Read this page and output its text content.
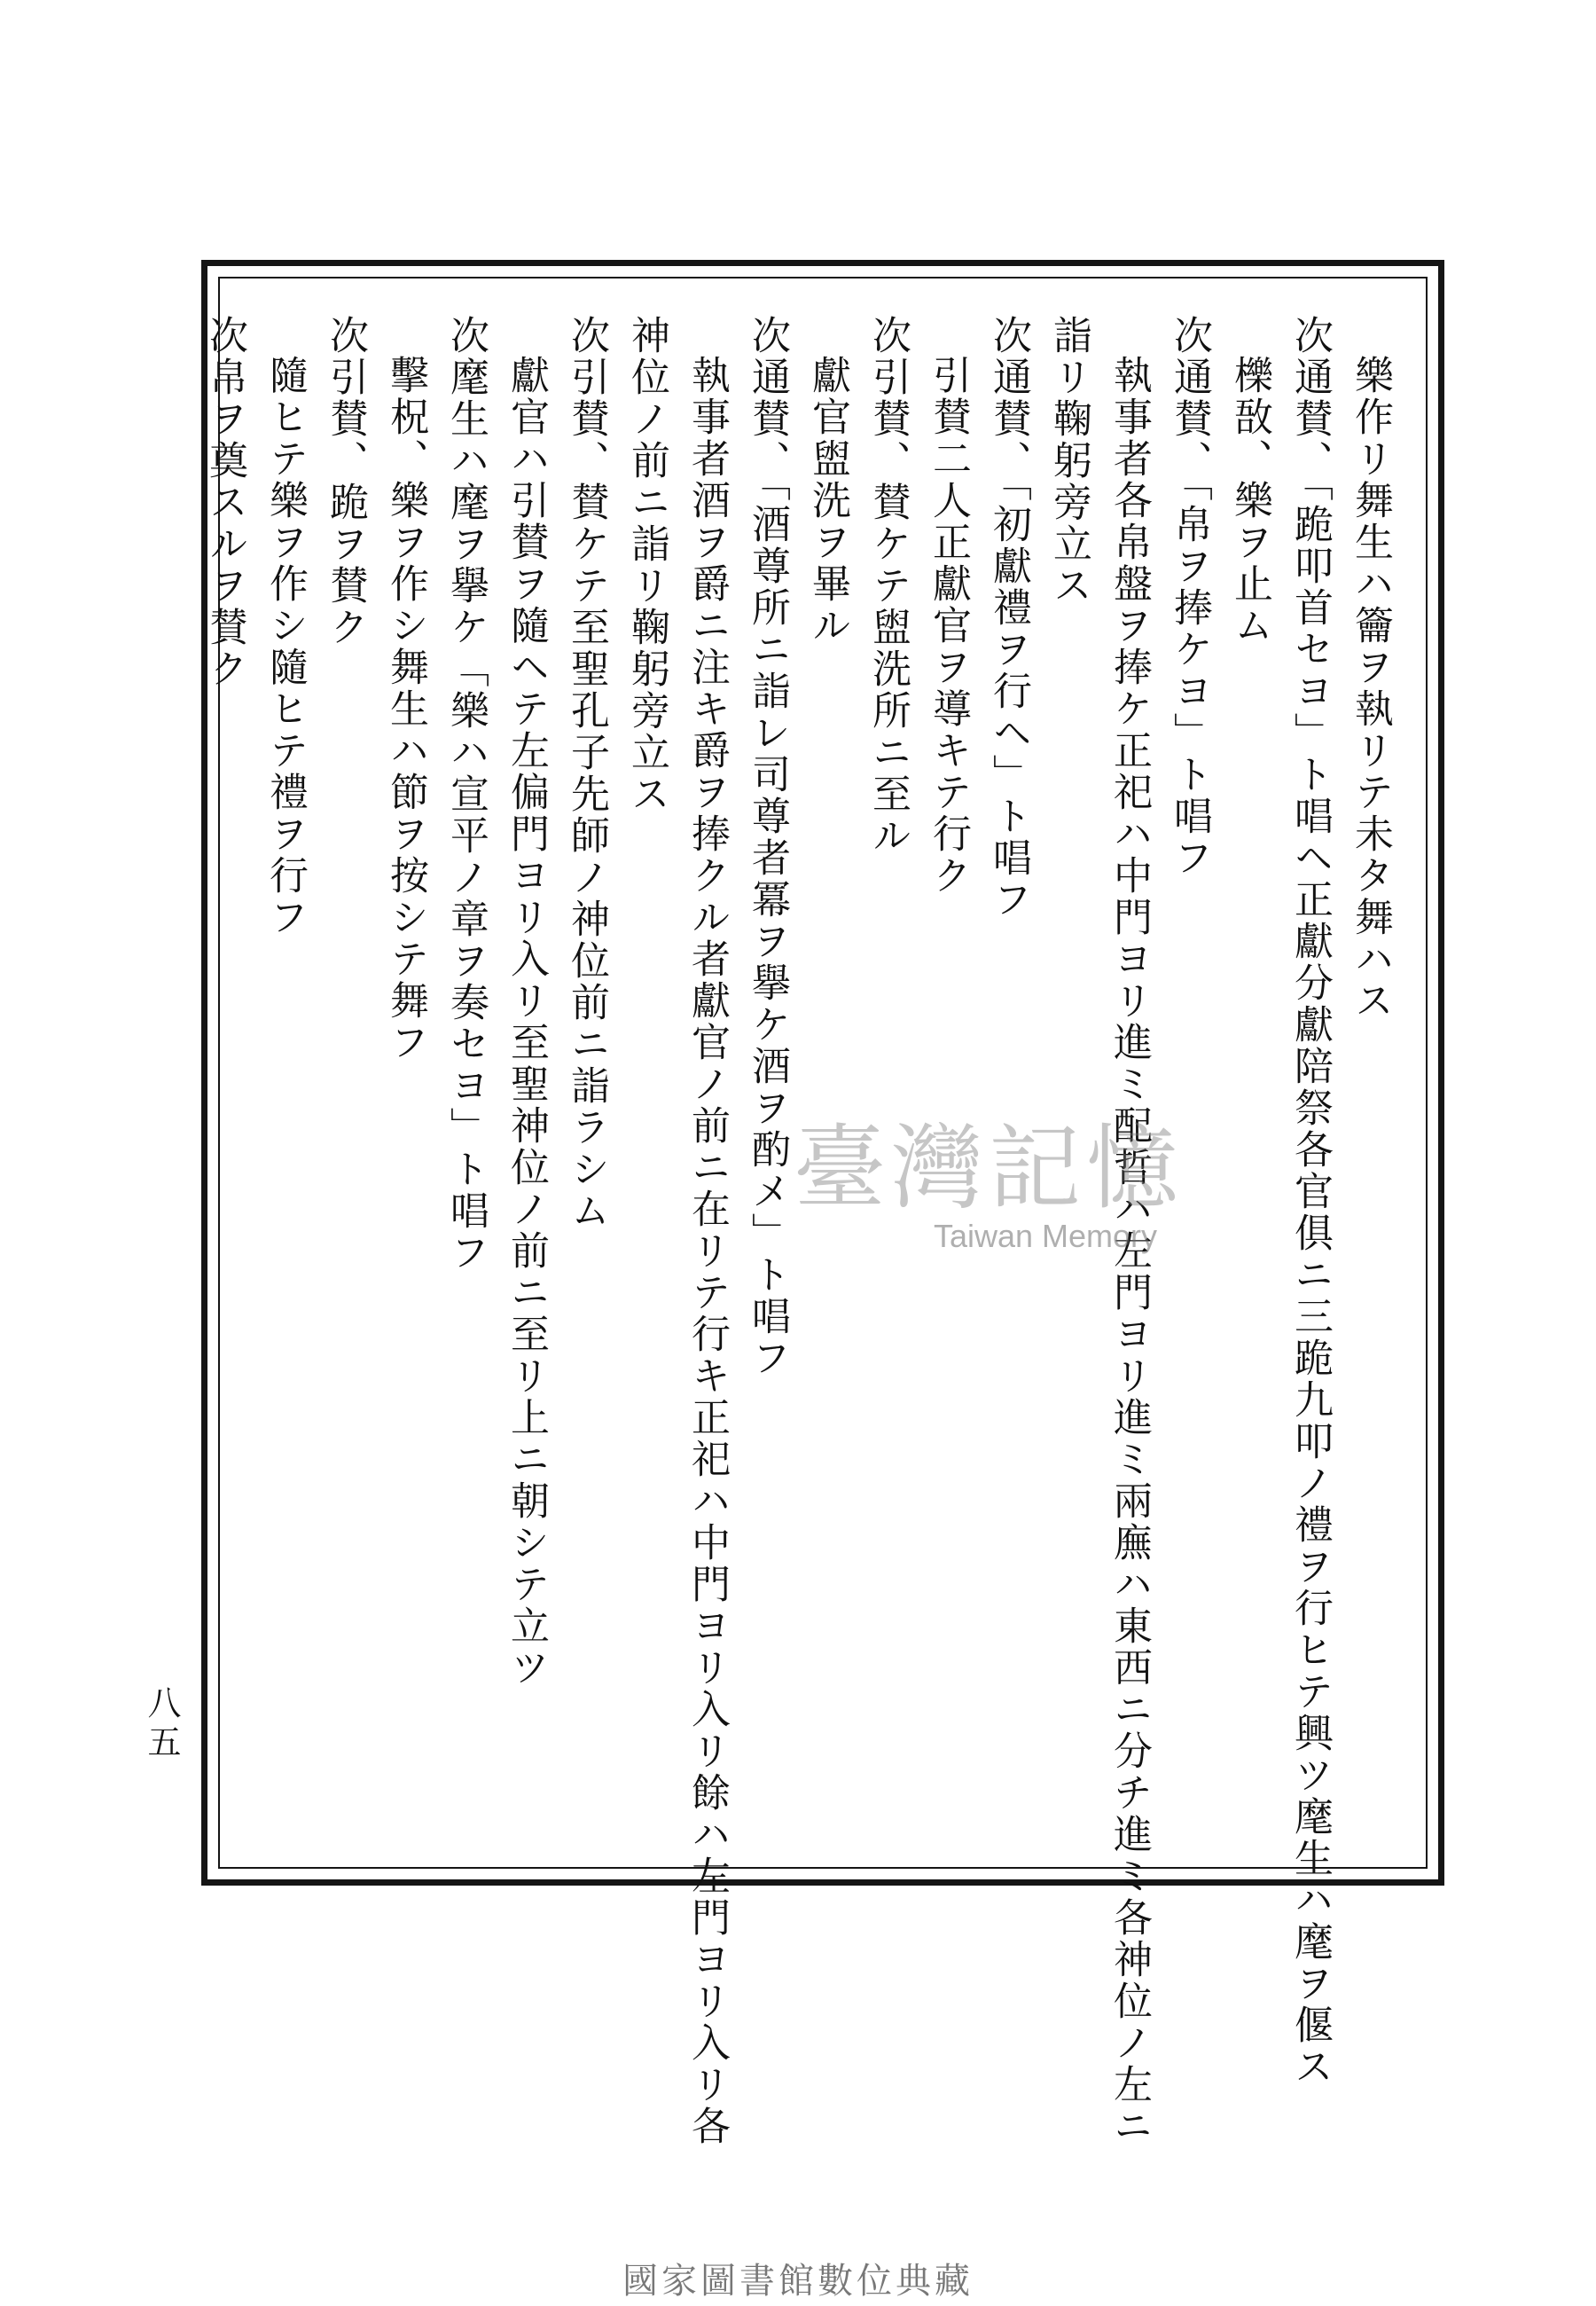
樂作リ舞生ハ籥ヲ執リテ未タ舞ハス
次通賛、「跪叩首セヨ」ト唱ヘ正獻分獻陪祭各官俱ニ三跪九叩ノ禮ヲ行ヒテ興ツ麾生ハ麾ヲ偃ス
櫟敔、樂ヲ止ム
次通賛、「帛ヲ捧ケヨ」ト唱フ
執事者各帛盤ヲ捧ケ正祀ハ中門ヨリ進ミ配哲ハ左門ヨリ進ミ兩廡ハ東西ニ分チ進ミ各神位ノ左ニ
詣リ鞠躬旁立ス
次通賛、「初獻禮ヲ行ヘ」ト唱フ
引賛二人正獻官ヲ導キテ行ク
次引賛、賛ケテ盥洗所ニ至ル
獻官盥洗ヲ畢ル
次通賛、「酒尊所ニ詣レ司尊者冪ヲ擧ケ酒ヲ酌メ」ト唱フ
執事者酒ヲ爵ニ注キ爵ヲ捧クル者獻官ノ前ニ在リテ行キ正祀ハ中門ヨリ入リ餘ハ左門ヨリ入リ各
神位ノ前ニ詣リ鞠躬旁立ス
次引賛、賛ケテ至聖孔子先師ノ神位前ニ詣ラシム
獻官ハ引賛ヲ隨ヘテ左偏門ヨリ入リ至聖神位ノ前ニ至リ上ニ朝シテ立ツ
次麾生ハ麾ヲ擧ケ「樂ハ宣平ノ章ヲ奏セヨ」ト唱フ
擊柷、樂ヲ作シ舞生ハ節ヲ按シテ舞フ
次引賛、跪ヲ賛ク
隨ヒテ樂ヲ作シ隨ヒテ禮ヲ行フ
次帛ヲ奠スルヲ賛ク
八五
臺灣記憶
Taiwan Memory
國家圖書館數位典藏
